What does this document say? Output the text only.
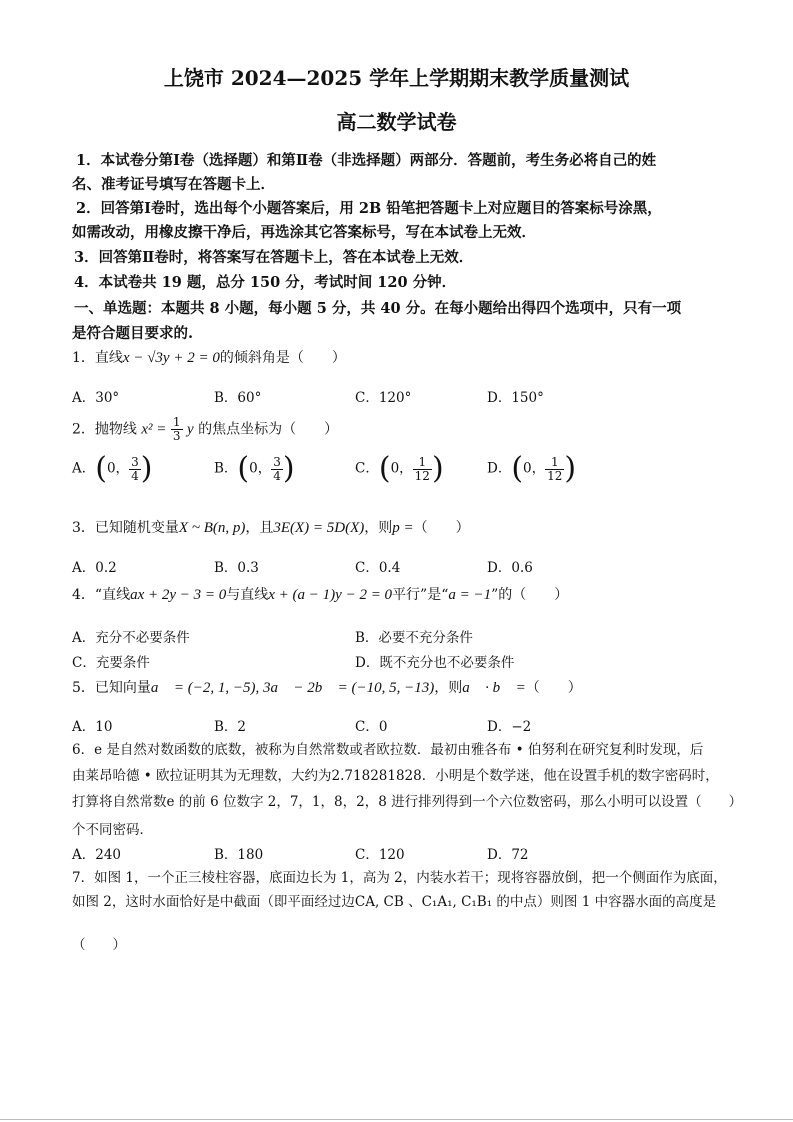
上饶市 2024—2025 学年上学期期末教学质量测试
高二数学试卷
1．本试卷分第Ⅰ卷（选择题）和第Ⅱ卷（非选择题）两部分．答题前，考生务必将自己的姓
名、准考证号填写在答题卡上．
2．回答第Ⅰ卷时，选出每个小题答案后，用 2B 铅笔把答题卡上对应题目的答案标号涂黑，
如需改动，用橡皮擦干净后，再选涂其它答案标号，写在本试卷上无效．
3．回答第Ⅱ卷时，将答案写在答题卡上，答在本试卷上无效．
4．本试卷共 19 题，总分 150 分，考试时间 120 分钟．
一、单选题：本题共 8 小题，每小题 5 分，共 40 分。在每小题给出得四个选项中，只有一项
是符合题目要求的.
1．直线x − √3y + 2 = 0的倾斜角是（　　）
A．30°	B．60°	C．120°	D．150°
2．抛物线 $x^2 = \frac{1}{3}$ y 的焦点坐标为（　　）
A．(0， $\frac{3}{4}$ )	B．(0， $\frac{3}{4}$ )	C．(0， $\frac{1}{12}$ )	D．(0， $\frac{1}{12}$ )
3．已知随机变量X ~ B(n, p)，且3E(X) = 5D(X)，则p =（　　）
A．0.2	B．0.3	C．0.4	D．0.6
4．“直线ax + 2y − 3 = 0与直线x + (a − 1)y − 2 = 0平行”是“a = −1”的（　　）
A．充分不必要条件	B．必要不充分条件
C．充要条件	D．既不充分也不必要条件
5．已知向量a⃗ = (−2, 1, −5), 3a⃗ − 2b⃗ = (−10, 5, −13)，则a⃗ · b⃗ =（　　）
A．10	B．2	C．0	D．−2
6．e 是自然对数函数的底数，被称为自然常数或者欧拉数．最初由雅各布 • 伯努利在研究复利时发现，后
由莱昂哈德 • 欧拉证明其为无理数，大约为2.718281828．小明是个数学迷，他在设置手机的数字密码时，
打算将自然常数e 的前 6 位数字 2，7，1，8，2，8 进行排列得到一个六位数密码，那么小明可以设置（　　）
个不同密码．
A．240	B．180	C．120	D．72
7．如图 1，一个正三棱柱容器，底面边长为 1，高为 2，内装水若干；现将容器放倒，把一个侧面作为底面，
如图 2，这时水面恰好是中截面（即平面经过边CA, CB 、C₁A₁, C₁B₁ 的中点）则图 1 中容器水面的高度是
（　　）
